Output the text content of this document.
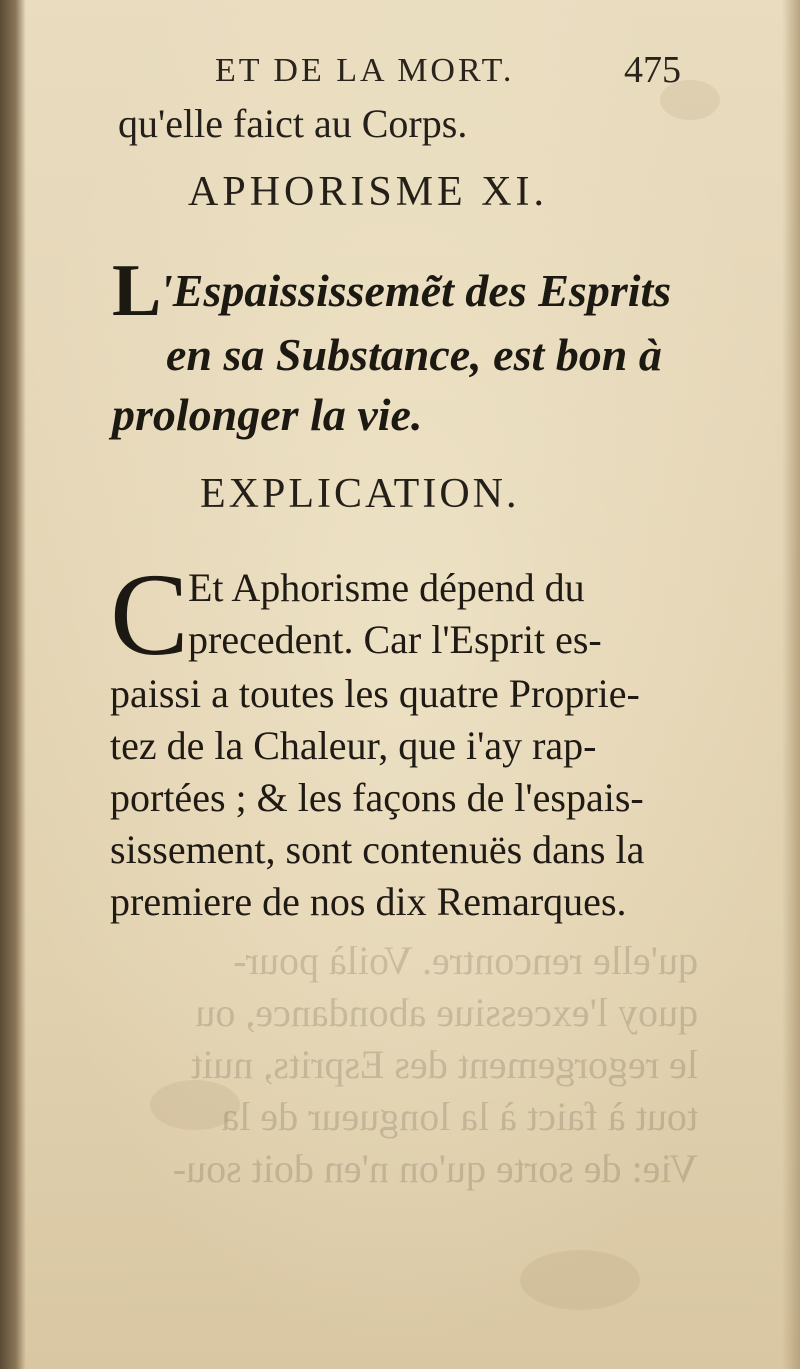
ET DE LA MORT.	475
qu'elle faict au Corps.
APHORISME XI.
L
'Espaississemẽt des Esprits
en sa Substance, est bon à
prolonger la vie.
EXPLICATION.
C Et Aphorisme dépend du
precedent. Car l'Esprit es-
paissi a toutes les quatre Proprie-
tez de la Chaleur, que i'ay rap-
portées ; & les façons de l'espais-
sissement, sont contenuës dans la
premiere de nos dix Remarques.
qu'elle rencontre. Voilà pour-
quoy l'excessiue abondance, ou
le regorgement des Esprits, nuit
tout à faict à la longueur de la
Vie: de sorte qu'on n'en doit sou-
